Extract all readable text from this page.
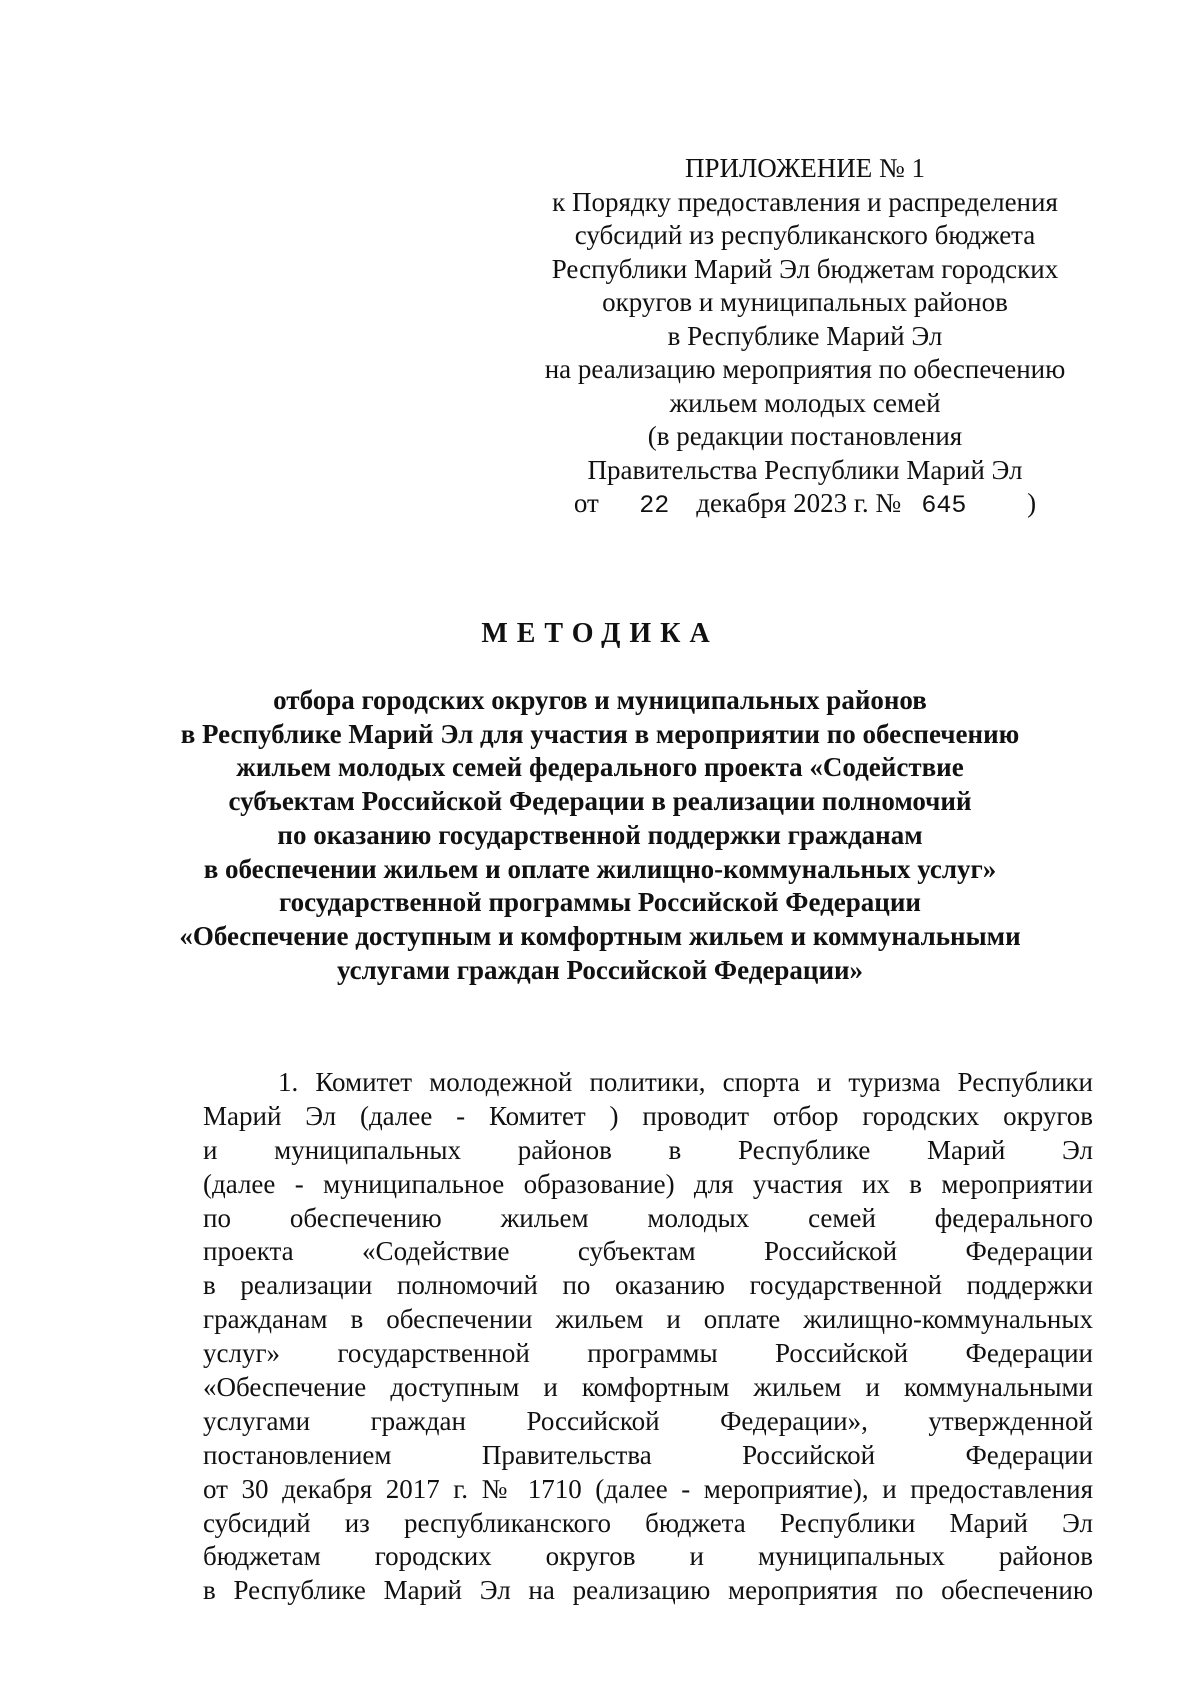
ПРИЛОЖЕНИЕ № 1
к Порядку предоставления и распределения
субсидий из республиканского бюджета
Республики Марий Эл бюджетам городских
округов и муниципальных районов
в Республике Марий Эл
на реализацию мероприятия по обеспечению
жильем молодых семей
(в редакции постановления
Правительства Республики Марий Эл
от 22 декабря 2023 г. № 645 )
МЕТОДИКА
отбора городских округов и муниципальных районов
в Республике Марий Эл для участия в мероприятии по обеспечению
жильем молодых семей федерального проекта «Содействие
субъектам Российской Федерации в реализации полномочий
по оказанию государственной поддержки гражданам
в обеспечении жильем и оплате жилищно-коммунальных услуг»
государственной программы Российской Федерации
«Обеспечение доступным и комфортным жильем и коммунальными
услугами граждан Российской Федерации»
1. Комитет молодежной политики, спорта и туризма Республики
Марий Эл (далее - Комитет ) проводит отбор городских округов
и муниципальных районов в Республике Марий Эл
(далее - муниципальное образование) для участия их в мероприятии
по обеспечению жильем молодых семей федерального
проекта «Содействие субъектам Российской Федерации
в реализации полномочий по оказанию государственной поддержки
гражданам в обеспечении жильем и оплате жилищно-коммунальных
услуг» государственной программы Российской Федерации
«Обеспечение доступным и комфортным жильем и коммунальными
услугами граждан Российской Федерации», утвержденной
постановлением Правительства Российской Федерации
от 30 декабря 2017 г. № 1710 (далее - мероприятие), и предоставления
субсидий из республиканского бюджета Республики Марий Эл
бюджетам городских округов и муниципальных районов
в Республике Марий Эл на реализацию мероприятия по обеспечению
